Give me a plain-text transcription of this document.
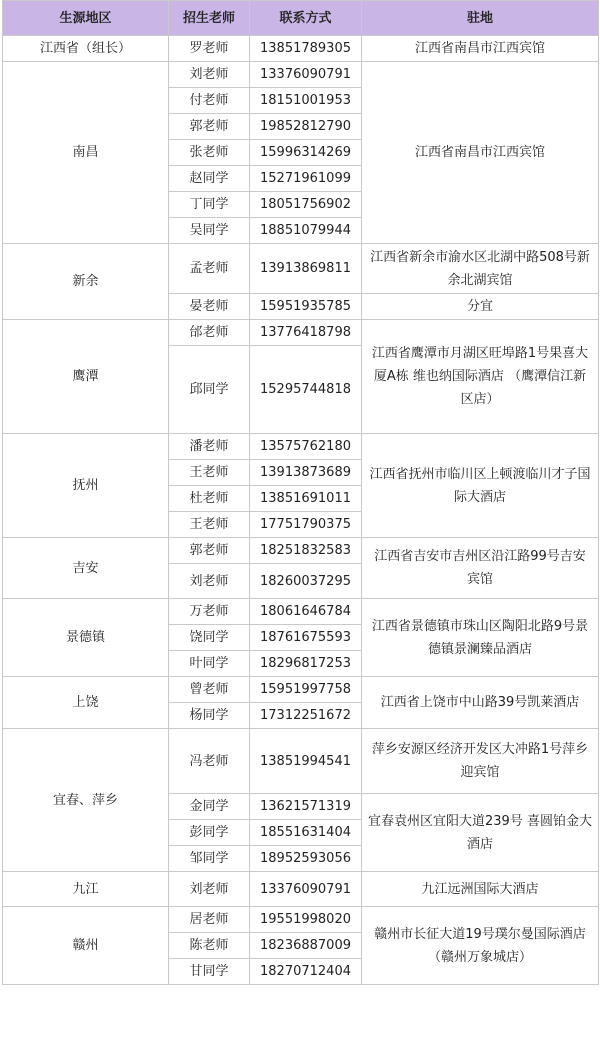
生源地区	招生老师	联系方式	驻地
江西省（组长）	罗老师	13851789305	江西省南昌市江西宾馆
南昌	刘老师	13376090791	江西省南昌市江西宾馆
	付老师	18151001953	
	郭老师	19852812790	
	张老师	15996314269	
	赵同学	15271961099	
	丁同学	18051756902	
	吴同学	18851079944	
新余	孟老师	13913869811	江西省新余市渝水区北湖中路508号新余北湖宾馆
	晏老师	15951935785	分宜
鹰潭	邰老师	13776418798	江西省鹰潭市月湖区旺埠路1号果喜大厦A栋 维也纳国际酒店 （鹰潭信江新区店）
	邱同学	15295744818	
抚州	潘老师	13575762180	江西省抚州市临川区上顿渡临川才子国际大酒店
	王老师	13913873689	
	杜老师	13851691011	
	王老师	17751790375	
吉安	郭老师	18251832583	江西省吉安市吉州区沿江路99号吉安宾馆
	刘老师	18260037295	
景德镇	万老师	18061646784	江西省景德镇市珠山区陶阳北路9号景德镇景澜臻品酒店
	饶同学	18761675593	
	叶同学	18296817253	
上饶	曾老师	15951997758	江西省上饶市中山路39号凯莱酒店
	杨同学	17312251672	
宜春、萍乡	冯老师	13851994541	萍乡安源区经济开发区大冲路1号萍乡迎宾馆
	金同学	13621571319	宜春袁州区宜阳大道239号 喜圆铂金大酒店
	彭同学	18551631404	
	邹同学	18952593056	
九江	刘老师	13376090791	九江远洲国际大酒店
赣州	居老师	19551998020	赣州市长征大道19号璞尔曼国际酒店（赣州万象城店）
	陈老师	18236887009	
	甘同学	18270712404	
